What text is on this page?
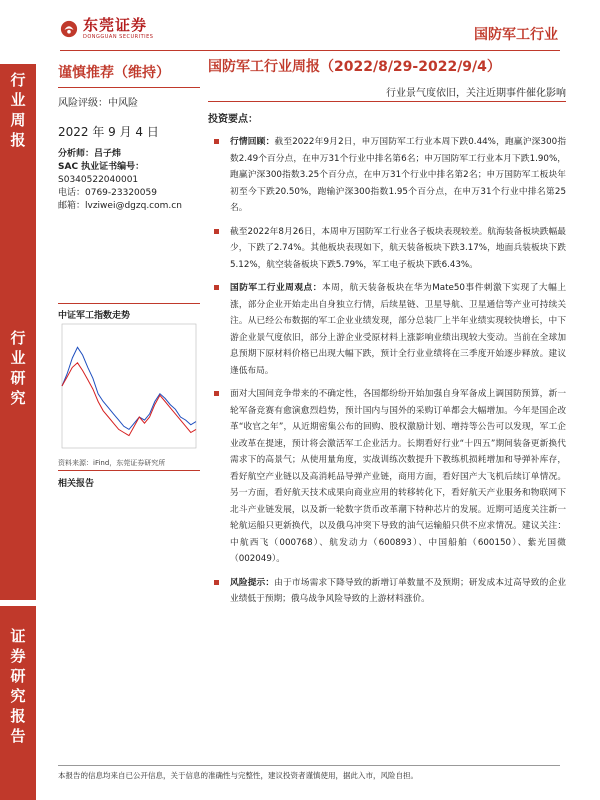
东莞证券
DONGGUAN SECURITIES	国防军工行业
行
业
周
报
行
业
研
究
证
券
研
究
报
告
谨慎推荐（维持）
风险评级：中风险
2022 年 9 月 4 日
分析师：吕子炜
SAC 执业证书编号：
S0340522040001
电话：0769-23320059
邮箱：lvziwei@dgzq.com.cn
中证军工指数走势
资料来源：iFind，东莞证券研究所
相关报告
国防军工行业周报（2022/8/29-2022/9/4）
行业景气度依旧，关注近期事件催化影响
投资要点：
行情回顾：截至2022年9月2日，申万国防军工行业本周下跌0.44%，跑赢沪深300指数2.49个百分点，在申万31个行业中排名第6名；申万国防军工行业本月下跌1.90%，跑赢沪深300指数3.25个百分点，在申万31个行业中排名第2名；申万国防军工板块年初至今下跌20.50%，跑输沪深300指数1.95个百分点，在申万31个行业中排名第25名。
截至2022年8月26日，本周申万国防军工行业各子板块表现较差。航海装备板块跌幅最少，下跌了2.74%。其他板块表现如下，航天装备板块下跌3.17%，地面兵装板块下跌5.12%，航空装备板块下跌5.79%，军工电子板块下跌6.43%。
国防军工行业周观点：本周，航天装备板块在华为Mate50事件刺激下实现了大幅上涨，部分企业开始走出自身独立行情，后续星链、卫星导航、卫星通信等产业可持续关注。从已经公布数据的军工企业业绩发现，部分总装厂上半年业绩实现较快增长，中下游企业景气度依旧，部分上游企业受原材料上涨影响业绩出现较大变动。当前在全球加息预期下原材料价格已出现大幅下跌，预计全行业业绩将在三季度开始逐步释放。建议逢低布局。
面对大国间竞争带来的不确定性，各国都纷纷开始加强自身军备成上调国防预算，新一轮军备竞赛有愈演愈烈趋势，预计国内与国外的采购订单都会大幅增加。今年是国企改革“收官之年”，从近期密集公布的回购、股权激励计划、增持等公告可以发现，军工企业改革在提速，预计将会激活军工企业活力。长期看好行业“十四五”期间装备更新换代需求下的高景气；从使用量角度，实战训练次数提升下教练机损耗增加和导弹补库存，看好航空产业链以及高消耗品导弹产业链，商用方面，看好国产大飞机后续订单情况。另一方面，看好航天技术成果向商业应用的转移转化下，看好航天产业服务和物联网下北斗产业链发展，以及新一轮数字货币改革潮下特种芯片的发展。近期可适度关注新一轮航运船只更新换代，以及俄乌冲突下导致的油气运输船只供不应求情况。建议关注：中航西飞（000768）、航发动力（600893）、中国船舶（600150）、紫光国微（002049）。
风险提示：由于市场需求下降导致的新增订单数量不及预期；研发成本过高导致的企业业绩低于预期；俄乌战争风险导致的上游材料涨价。
本报告的信息均来自已公开信息，关于信息的准确性与完整性，建议投资者谨慎使用，据此入市，风险自担。
